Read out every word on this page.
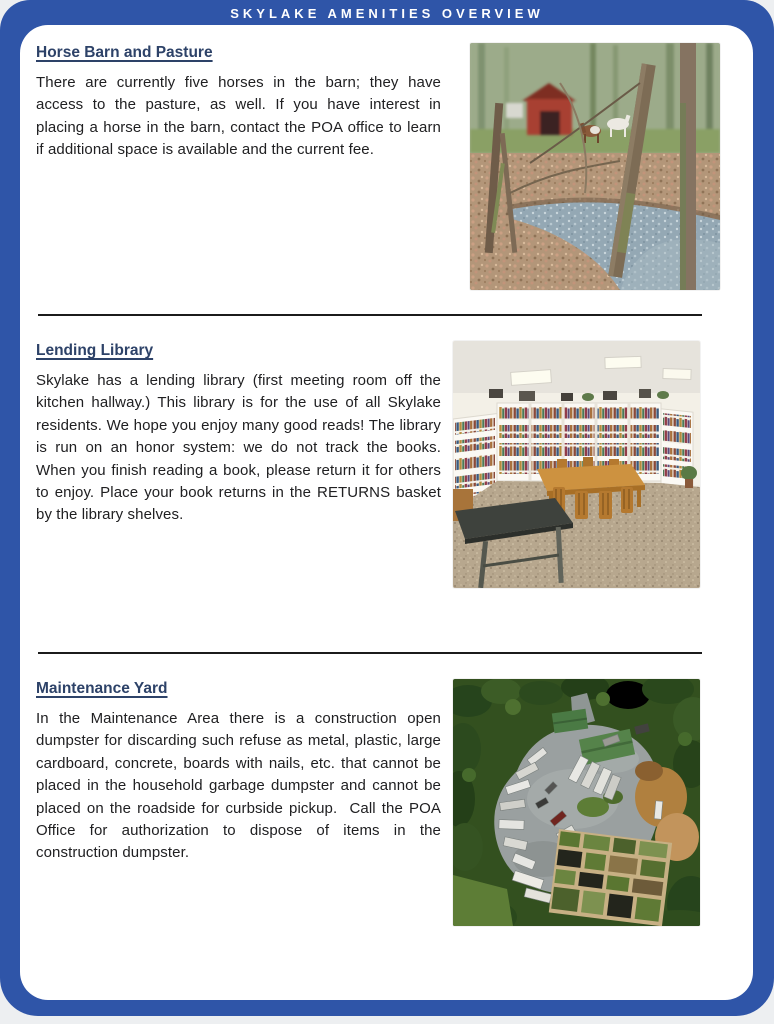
SKYLAKE AMENITIES OVERVIEW
Horse Barn and Pasture

There are currently five horses in the barn; they have access to the pasture, as well. If you have interest in placing a horse in the barn, contact the POA office to learn if additional space is available and the current fee.

Lending Library

Skylake has a lending library (first meeting room off the kitchen hallway.) This library is for the use of all Skylake residents. We hope you enjoy many good reads! The library is run on an honor system: we do not track the books. When you finish reading a book, please return it for others to enjoy. Place your book returns in the RETURNS basket by the library shelves.

Maintenance Yard

In the Maintenance Area there is a construction open dumpster for discarding such refuse as metal, plastic, large cardboard, concrete, boards with nails, etc. that cannot be placed in the household garbage dumpster and cannot be placed on the roadside for curbside pickup.  Call the POA Office for authorization to dispose of items in the construction dumpster.
